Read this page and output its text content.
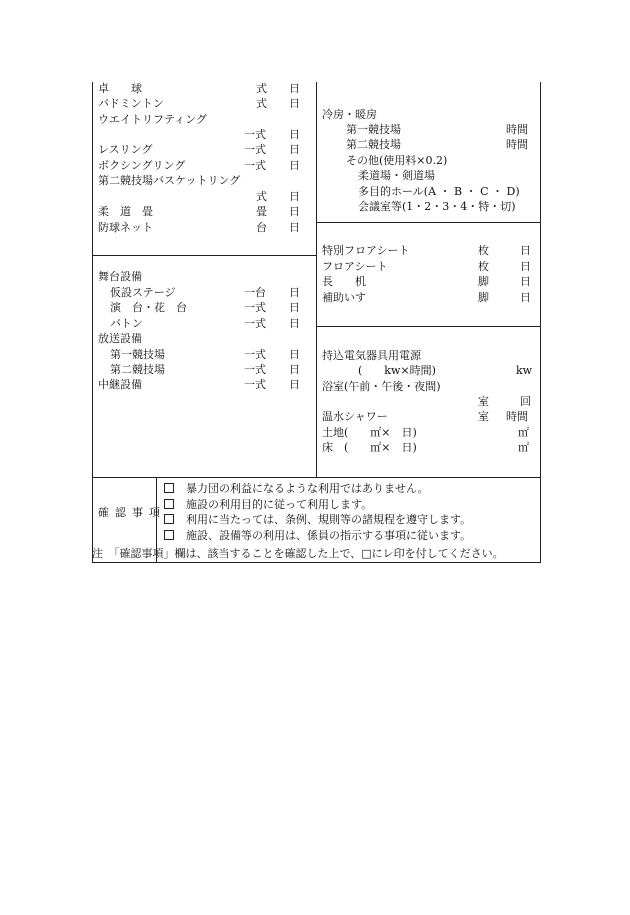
卓　　球	式 日
バドミントン	式 日
ウエイトリフティング
一式 日
レスリング	一式 日
ボクシングリング	一式 日
第二競技場バスケットリング
式 日
柔　道　畳	畳 日
防球ネット	台 日
舞台設備
仮設ステージ	一台 日
演　台・花　台	一式 日
バトン	一式 日
放送設備
第一競技場	一式 日
第二競技場	一式 日
中継設備	一式 日
冷房・暖房
第一競技場	時間
第二競技場	時間
その他(使用料×0.2)
柔道場・剣道場
多目的ホール(A ・ B ・ C ・ D)
会議室等(1・2・3・4・特・切)
特別フロアシート	枚	日
フロアシート	枚	日
長　　机	脚	日
補助いす	脚	日
持込電気器具用電源
(　　kw×時間)	kw
浴室(午前・午後・夜間)
室	回
温水シャワー	室 時間
土地(　　㎡×　日)	㎡
床　(　　㎡×　日)	㎡
確認事項
暴力団の利益になるような利用ではありません。
施設の利用目的に従って利用します。
利用に当たっては、条例、規則等の諸規程を遵守します。
施設、設備等の利用は、係員の指示する事項に従います。
注　「確認事項」欄は、該当することを確認した上で、□にレ印を付してください。
